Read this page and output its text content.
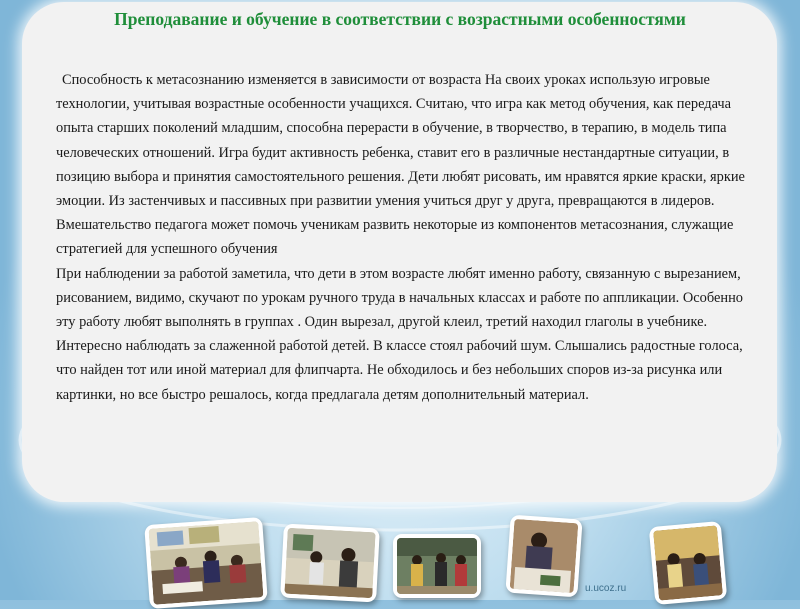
Преподавание и обучение в соответствии с возрастными особенностями

Способность к метасознанию изменяется в зависимости от возраста На своих уроках использую игровые технологии, учитывая возрастные особенности учащихся. Считаю, что игра как метод обучения, как передача опыта старших поколений младшим, способна перерасти в обучение, в творчество, в терапию, в модель типа человеческих отношений. Игра будит активность ребенка, ставит его в различные нестандартные ситуации, в позицию выбора и принятия самостоятельного решения. Дети любят рисовать, им нравятся яркие краски, яркие эмоции. Из застенчивых и пассивных при развитии умения учиться друг у друга, превращаются в лидеров. Вмешательство педагога может помочь ученикам развить некоторые из компонентов метасознания, служащие стратегией для успешного обучения

При наблюдении за работой заметила, что дети в этом возрасте любят именно работу, связанную с вырезанием, рисованием, видимо, скучают по урокам ручного труда в начальных классах и работе по аппликации. Особенно эту работу любят выполнять в группах . Один вырезал, другой клеил, третий находил глаголы в учебнике. Интересно наблюдать за слаженной работой детей. В классе стоял рабочий шум. Слышались радостные голоса, что найден тот или иной материал для флипчарта. Не обходилось и без небольших споров из-за рисунка или картинки, но все быстро решалось, когда предлагала детям дополнительный материал.

u.ucoz.ru
